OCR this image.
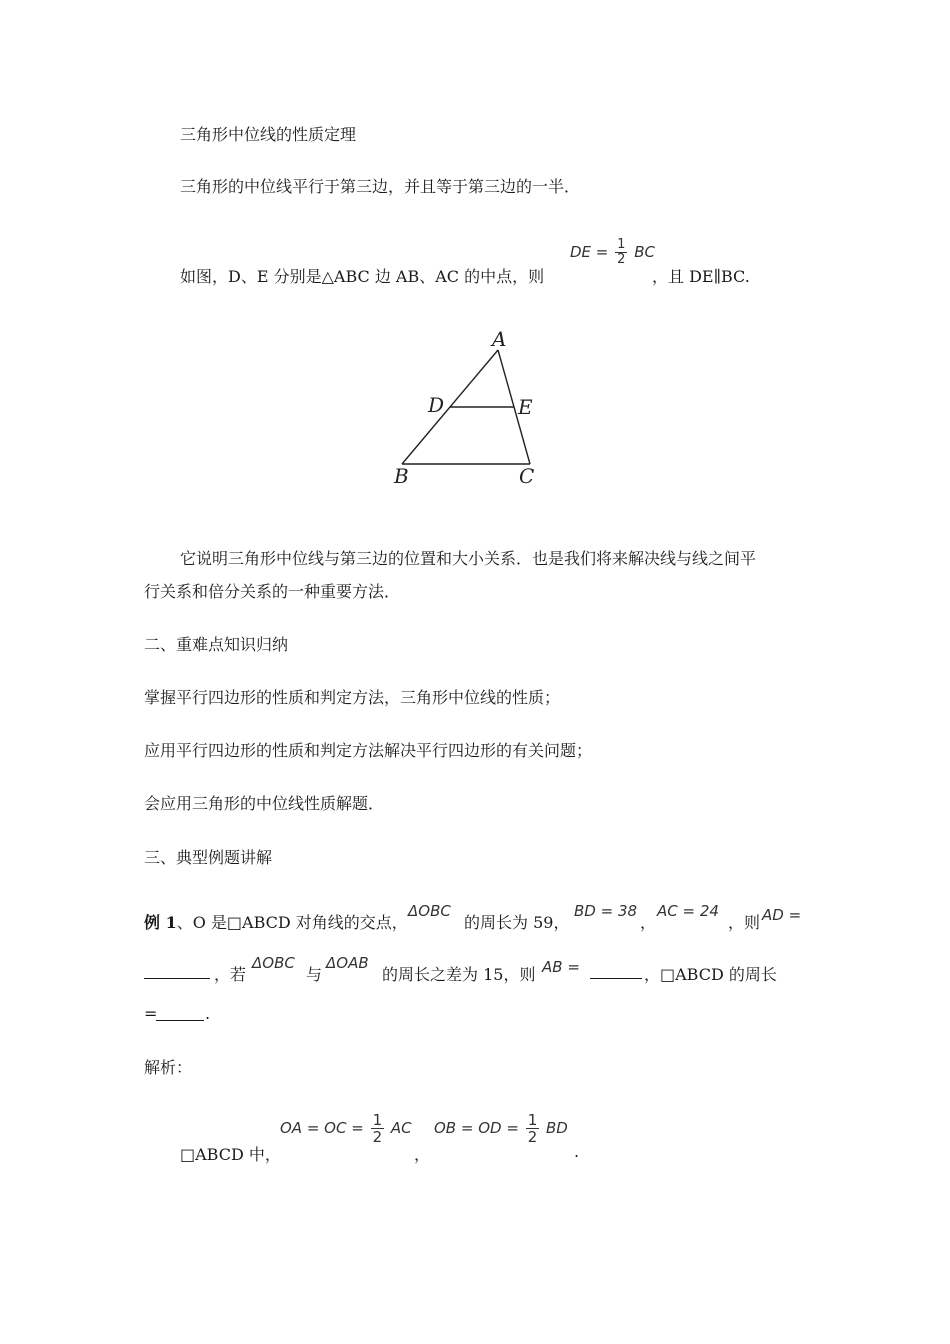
三角形中位线的性质定理
三角形的中位线平行于第三边，并且等于第三边的一半．
如图，D、E 分别是△ABC 边 AB、AC 的中点，则
DE = $\frac{1}{2}$ BC
，且 DE∥BC.
A
D	E
B	C
它说明三角形中位线与第三边的位置和大小关系．也是我们将来解决线与线之间平
行关系和倍分关系的一种重要方法．
二、重难点知识归纳
掌握平行四边形的性质和判定方法，三角形中位线的性质；
应用平行四边形的性质和判定方法解决平行四边形的有关问题；
会应用三角形的中位线性质解题．
三、典型例题讲解
例 1、O 是□ABCD 对角线的交点，
ΔOBC
的周长为 59，
BD = 38
，
AC = 24
，则 AD =
，若
ΔOBC
与
ΔOAB
的周长之差为 15，则 AB =	，□ABCD 的周长
=	.
解析：
□ABCD 中，
OA = OC = $\frac{1}{2}$ AC
，
OB = OD = $\frac{1}{2}$ BD
.
